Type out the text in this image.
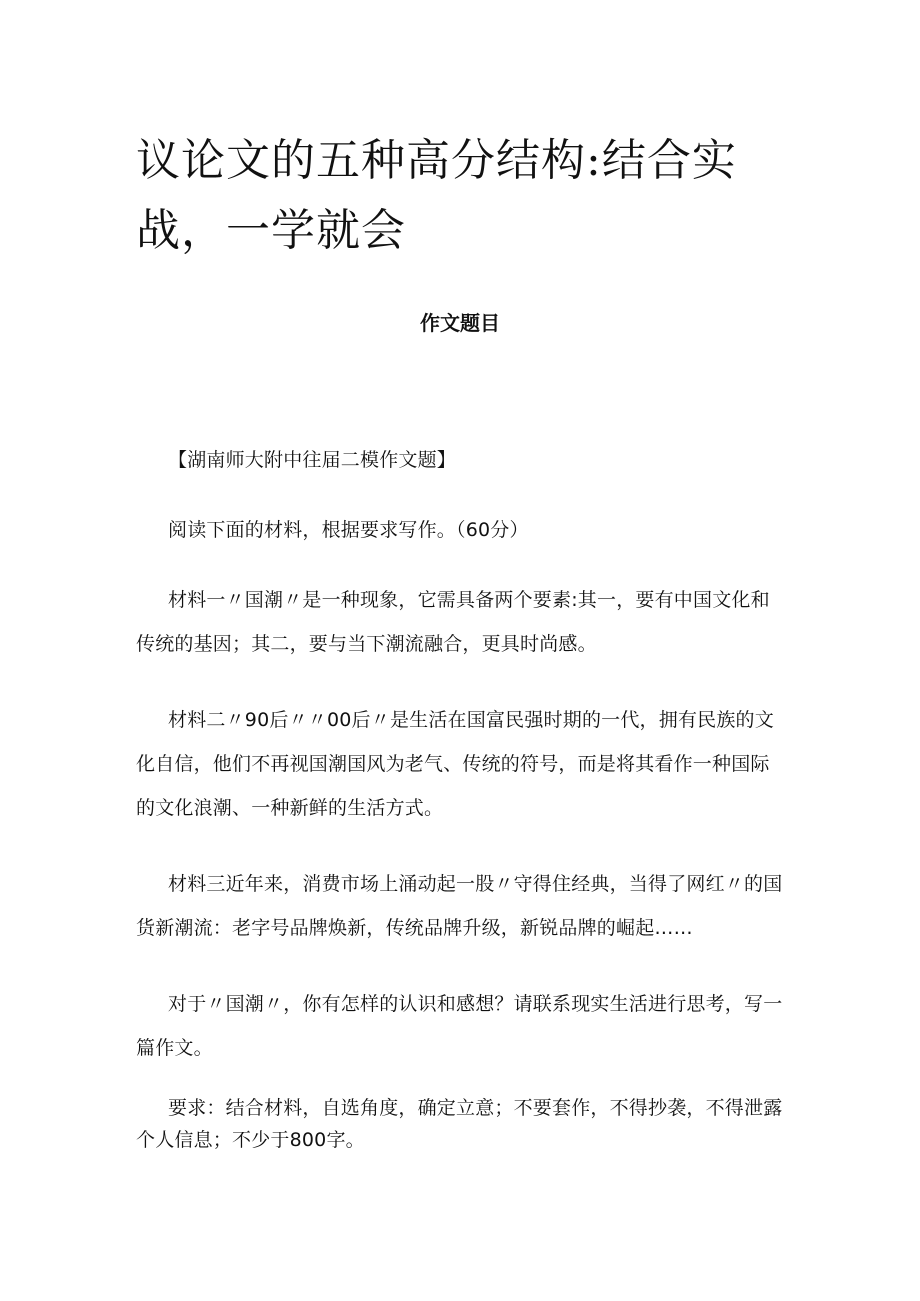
议论文的五种高分结构:结合实战，一学就会
作文题目

【湖南师大附中往届二模作文题】

阅读下面的材料，根据要求写作。（60分）

材料一〃国潮〃是一种现象，它需具备两个要素:其一，要有中国文化和传统的基因；其二，要与当下潮流融合，更具时尚感。

材料二〃90后〃〃00后〃是生活在国富民强时期的一代，拥有民族的文化自信，他们不再视国潮国风为老气、传统的符号，而是将其看作一种国际的文化浪潮、一种新鲜的生活方式。

材料三近年来，消费市场上涌动起一股〃守得住经典，当得了网红〃的国货新潮流：老字号品牌焕新，传统品牌升级，新锐品牌的崛起……

对于〃国潮〃，你有怎样的认识和感想？请联系现实生活进行思考，写一篇作文。

要求：结合材料，自选角度，确定立意；不要套作，不得抄袭，不得泄露个人信息；不少于800字。
